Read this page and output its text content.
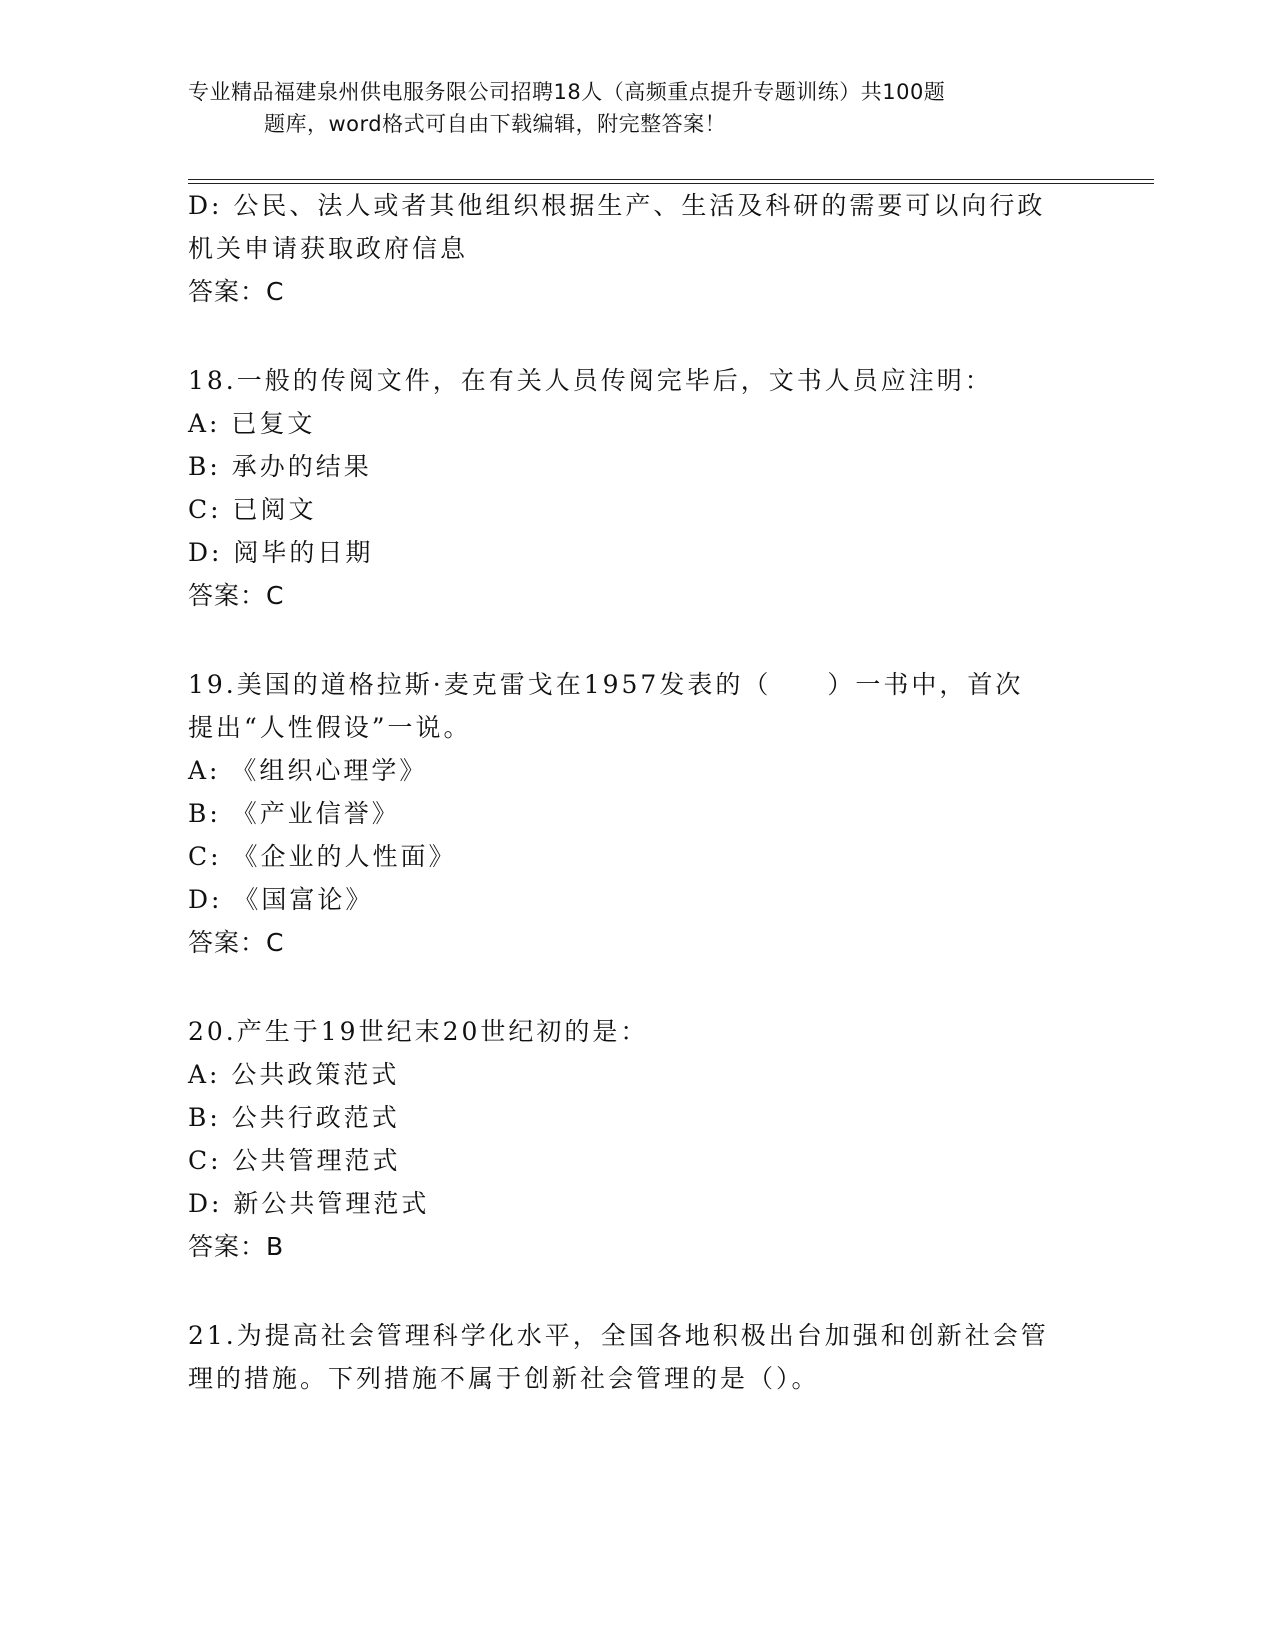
专业精品福建泉州供电服务限公司招聘18人（高频重点提升专题训练）共100题
题库，word格式可自由下载编辑，附完整答案！
D: 公民、法人或者其他组织根据生产、生活及科研的需要可以向行政
机关申请获取政府信息
答案：C
18.一般的传阅文件，在有关人员传阅完毕后，文书人员应注明：
A: 已复文
B: 承办的结果
C: 已阅文
D: 阅毕的日期
答案：C
19.美国的道格拉斯·麦克雷戈在1957发表的（　　）一书中，首次
提出“人性假设”一说。
A: 《组织心理学》
B: 《产业信誉》
C: 《企业的人性面》
D: 《国富论》
答案：C
20.产生于19世纪末20世纪初的是：
A: 公共政策范式
B: 公共行政范式
C: 公共管理范式
D: 新公共管理范式
答案：B
21.为提高社会管理科学化水平，全国各地积极出台加强和创新社会管
理的措施。下列措施不属于创新社会管理的是（）。
